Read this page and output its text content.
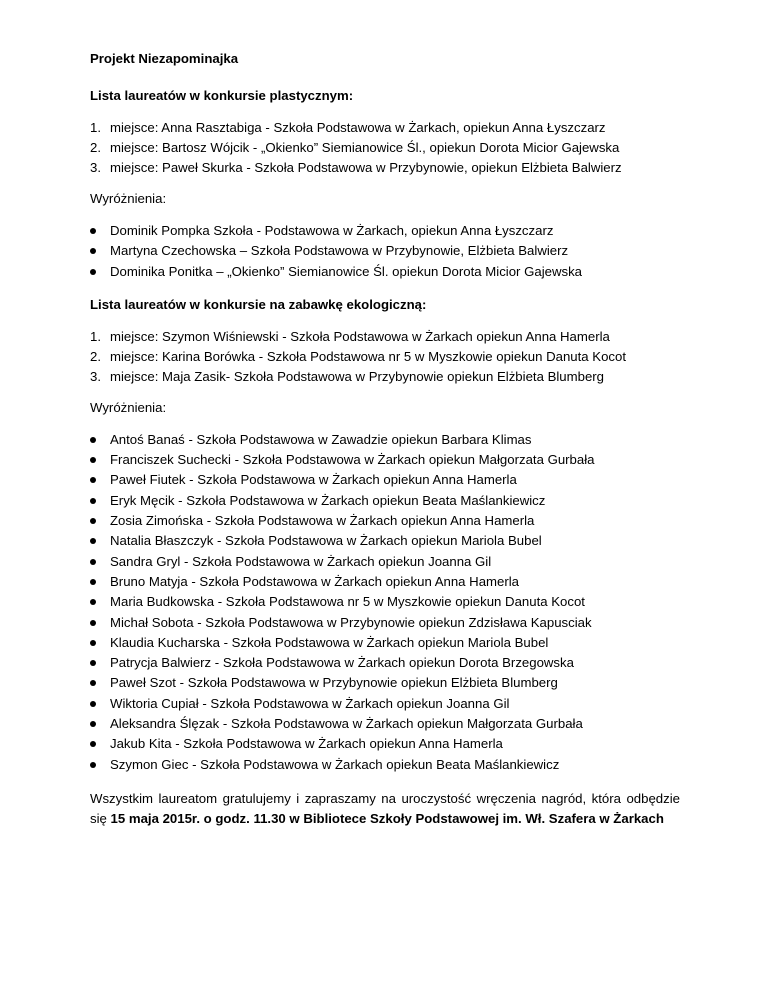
Projekt Niezapominajka
Lista laureatów w konkursie plastycznym:
1. miejsce: Anna Rasztabiga - Szkoła Podstawowa w Żarkach, opiekun Anna Łyszczarz
2. miejsce: Bartosz Wójcik - „Okienko” Siemianowice Śl., opiekun Dorota Micior Gajewska
3. miejsce: Paweł Skurka - Szkoła Podstawowa w Przybynowie, opiekun Elżbieta Balwierz
Wyróżnienia:
Dominik Pompka Szkoła - Podstawowa w Żarkach, opiekun Anna Łyszczarz
Martyna Czechowska – Szkoła Podstawowa w Przybynowie, Elżbieta Balwierz
Dominika Ponitka – „Okienko” Siemianowice Śl. opiekun Dorota Micior Gajewska
Lista laureatów w konkursie na zabawkę ekologiczną:
1. miejsce: Szymon Wiśniewski - Szkoła Podstawowa w Żarkach opiekun Anna Hamerla
2. miejsce: Karina Borówka - Szkoła Podstawowa nr 5 w Myszkowie opiekun Danuta Kocot
3. miejsce: Maja Zasik- Szkoła Podstawowa w Przybynowie opiekun Elżbieta Blumberg
Wyróżnienia:
Antoś Banaś - Szkoła Podstawowa w Zawadzie opiekun Barbara Klimas
Franciszek Suchecki - Szkoła Podstawowa w Żarkach opiekun Małgorzata Gurbała
Paweł Fiutek - Szkoła Podstawowa w Żarkach opiekun Anna Hamerla
Eryk Męcik - Szkoła Podstawowa w Żarkach opiekun Beata Maślankiewicz
Zosia Zimońska - Szkoła Podstawowa w Żarkach opiekun Anna Hamerla
Natalia Błaszczyk - Szkoła Podstawowa w Żarkach opiekun Mariola Bubel
Sandra Gryl - Szkoła Podstawowa w Żarkach opiekun Joanna Gil
Bruno Matyja - Szkoła Podstawowa w Żarkach opiekun Anna Hamerla
Maria Budkowska - Szkoła Podstawowa nr 5 w Myszkowie opiekun Danuta Kocot
Michał Sobota - Szkoła Podstawowa w Przybynowie opiekun Zdzisława Kapusciak
Klaudia Kucharska - Szkoła Podstawowa w Żarkach opiekun Mariola Bubel
Patrycja Balwierz - Szkoła Podstawowa w Żarkach opiekun Dorota Brzegowska
Paweł Szot - Szkoła Podstawowa w Przybynowie opiekun Elżbieta Blumberg
Wiktoria Cupiał - Szkoła Podstawowa w Żarkach opiekun Joanna Gil
Aleksandra Ślęzak - Szkoła Podstawowa w Żarkach opiekun Małgorzata Gurbała
Jakub Kita - Szkoła Podstawowa w Żarkach opiekun Anna Hamerla
Szymon Giec - Szkoła Podstawowa w Żarkach opiekun Beata Maślankiewicz
Wszystkim laureatom gratulujemy i zapraszamy na uroczystość wręczenia nagród, która odbędzie się 15 maja 2015r. o godz. 11.30 w Bibliotece Szkoły Podstawowej im. Wł. Szafera w Żarkach
